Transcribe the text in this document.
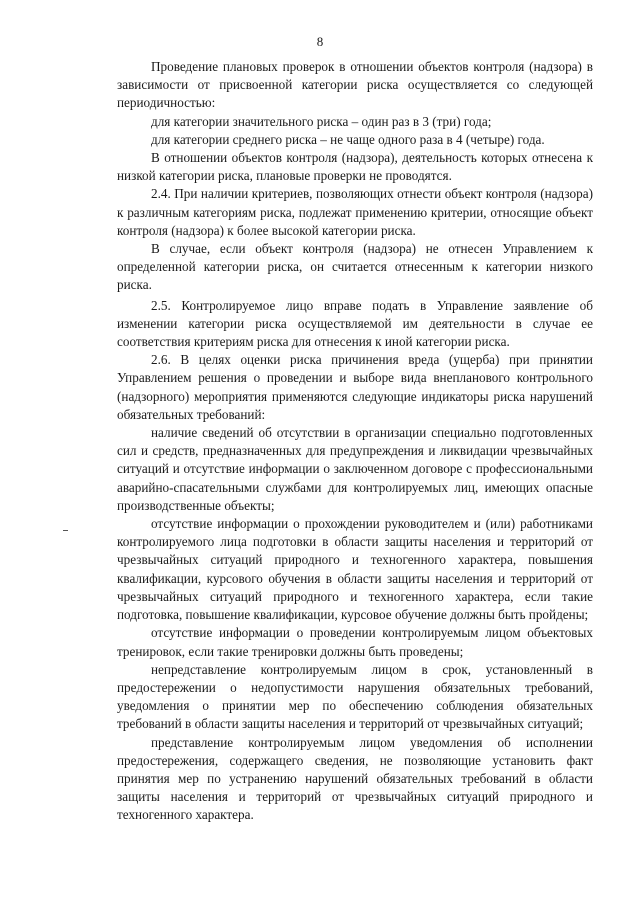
8

Проведение плановых проверок в отношении объектов контроля (надзора) в зависимости от присвоенной категории риска осуществляется со следующей периодичностью:

для категории значительного риска – один раз в 3 (три) года;

для категории среднего риска – не чаще одного раза в 4 (четыре) года.

В отношении объектов контроля (надзора), деятельность которых отнесена к низкой категории риска, плановые проверки не проводятся.

2.4. При наличии критериев, позволяющих отнести объект контроля (надзора) к различным категориям риска, подлежат применению критерии, относящие объект контроля (надзора) к более высокой категории риска.

В случае, если объект контроля (надзора) не отнесен Управлением к определенной категории риска, он считается отнесенным к категории низкого риска.

2.5. Контролируемое лицо вправе подать в Управление заявление об изменении категории риска осуществляемой им деятельности в случае ее соответствия критериям риска для отнесения к иной категории риска.

2.6. В целях оценки риска причинения вреда (ущерба) при принятии Управлением решения о проведении и выборе вида внепланового контрольного (надзорного) мероприятия применяются следующие индикаторы риска нарушений обязательных требований:

наличие сведений об отсутствии в организации специально подготовленных сил и средств, предназначенных для предупреждения и ликвидации чрезвычайных ситуаций и отсутствие информации о заключенном договоре с профессиональными аварийно-спасательными службами для контролируемых лиц, имеющих опасные производственные объекты;

отсутствие информации о прохождении руководителем и (или) работниками контролируемого лица подготовки в области защиты населения и территорий от чрезвычайных ситуаций природного и техногенного характера, повышения квалификации, курсового обучения в области защиты населения и территорий от чрезвычайных ситуаций природного и техногенного характера, если такие подготовка, повышение квалификации, курсовое обучение должны быть пройдены;

отсутствие информации о проведении контролируемым лицом объектовых тренировок, если такие тренировки должны быть проведены;

непредставление контролируемым лицом в срок, установленный в предостережении о недопустимости нарушения обязательных требований, уведомления о принятии мер по обеспечению соблюдения обязательных требований в области защиты населения и территорий от чрезвычайных ситуаций;

представление контролируемым лицом уведомления об исполнении предостережения, содержащего сведения, не позволяющие установить факт принятия мер по устранению нарушений обязательных требований в области защиты населения и территорий от чрезвычайных ситуаций природного и техногенного характера.
